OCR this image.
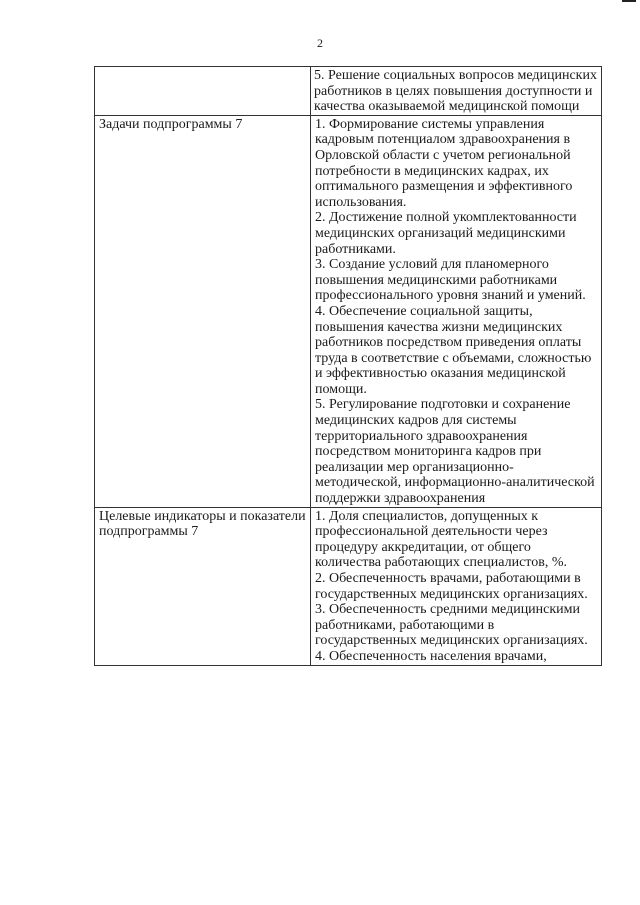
2

	5. Решение социальных вопросов медицинских работников в целях повышения доступности и качества оказываемой медицинской помощи

Задачи подпрограммы 7	1. Формирование системы управления кадровым потенциалом здравоохранения в Орловской области с учетом региональной потребности в медицинских кадрах, их оптимального размещения и эффективного использования.
2. Достижение полной укомплектованности медицинских организаций медицинскими работниками.
3. Создание условий для планомерного повышения медицинскими работниками профессионального уровня знаний и умений.
4. Обеспечение социальной защиты, повышения качества жизни медицинских работников посредством приведения оплаты труда в соответствие с объемами, сложностью и эффективностью оказания медицинской помощи.
5. Регулирование подготовки и сохранение медицинских кадров для системы территориального здравоохранения посредством мониторинга кадров при реализации мер организационно-методической, информационно-аналитической поддержки здравоохранения

Целевые индикаторы и показатели подпрограммы 7	1. Доля специалистов, допущенных к профессиональной деятельности через процедуру аккредитации, от общего количества работающих специалистов, %.
2. Обеспеченность врачами, работающими в государственных медицинских организациях.
3. Обеспеченность средними медицинскими работниками, работающими в государственных медицинских организациях.
4. Обеспеченность населения врачами,
